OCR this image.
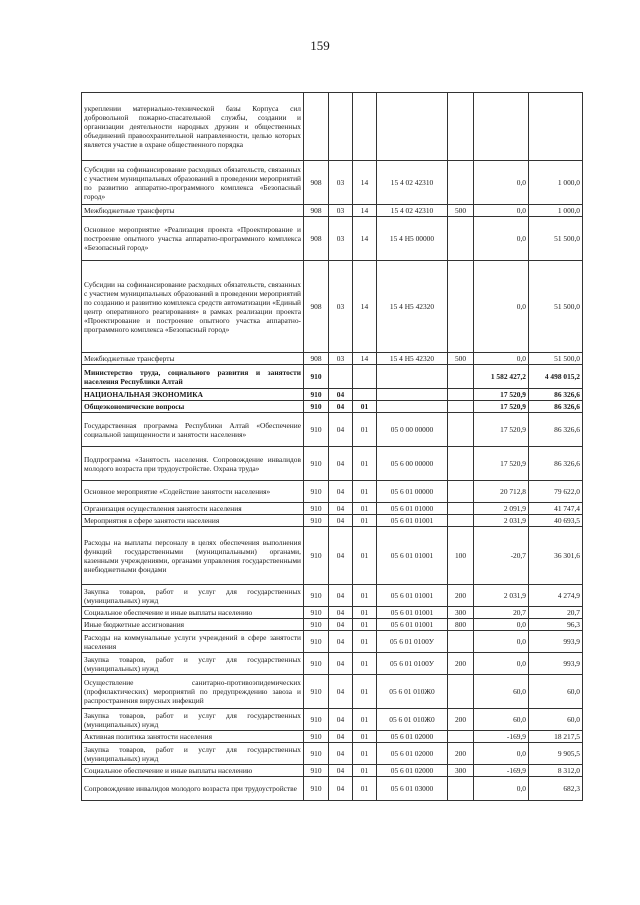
159
укреплении материально-технической базы Корпуса сил добровольной пожарно-спасательной службы, создании и организации деятельности народных дружин и общественных объединений правоохранительной направленности, целью которых является участие в охране общественного порядка							
Субсидии на софинансирование расходных обязательств, связанных с участием муниципальных образований в проведении мероприятий по развитию аппаратно-программного комплекса «Безопасный город»	908	03	14	15 4 02 42310		0,0	1 000,0
Межбюджетные трансферты	908	03	14	15 4 02 42310	500	0,0	1 000,0
Основное мероприятие «Реализация проекта «Проектирование и построение опытного участка аппаратно-программного комплекса «Безопасный город»	908	03	14	15 4 Н5 00000		0,0	51 500,0
Субсидии на софинансирование расходных обязательств, связанных с участием муниципальных образований в проведении мероприятий по созданию и развитию комплекса средств автоматизации «Единый центр оперативного реагирования» в рамках реализации проекта «Проектирование и построение опытного участка аппаратно-программного комплекса «Безопасный город»	908	03	14	15 4 Н5 42320		0,0	51 500,0
Межбюджетные трансферты	908	03	14	15 4 Н5 42320	500	0,0	51 500,0
Министерство труда, социального развития и занятости населения Республики Алтай	910					1 582 427,2	4 498 015,2
НАЦИОНАЛЬНАЯ ЭКОНОМИКА	910	04				17 520,9	86 326,6
Общеэкономические вопросы	910	04	01			17 520,9	86 326,6
Государственная программа Республики Алтай «Обеспечение социальной защищенности и занятости населения»	910	04	01	05 0 00 00000		17 520,9	86 326,6
Подпрограмма «Занятость населения. Сопровождение инвалидов молодого возраста при трудоустройстве. Охрана труда»	910	04	01	05 6 00 00000		17 520,9	86 326,6
Основное мероприятие «Содействие занятости населения»	910	04	01	05 6 01 00000		20 712,8	79 622,0
Организация осуществления занятости населения	910	04	01	05 6 01 01000		2 091,9	41 747,4
Мероприятия в сфере занятости населения	910	04	01	05 6 01 01001		2 031,9	40 693,5
Расходы на выплаты персоналу в целях обеспечения выполнения функций государственными (муниципальными) органами, казенными учреждениями, органами управления государственными внебюджетными фондами	910	04	01	05 6 01 01001	100	-20,7	36 301,6
Закупка товаров, работ и услуг для государственных (муниципальных) нужд	910	04	01	05 6 01 01001	200	2 031,9	4 274,9
Социальное обеспечение и иные выплаты населению	910	04	01	05 6 01 01001	300	20,7	20,7
Иные бюджетные ассигнования	910	04	01	05 6 01 01001	800	0,0	96,3
Расходы на коммунальные услуги учреждений в сфере занятости населения	910	04	01	05 6 01 0100У		0,0	993,9
Закупка товаров, работ и услуг для государственных (муниципальных) нужд	910	04	01	05 6 01 0100У	200	0,0	993,9
Осуществление санитарно-противоэпидемических (профилактических) мероприятий по предупреждению завоза и распространения вирусных инфекций	910	04	01	05 6 01 010Ж0		60,0	60,0
Закупка товаров, работ и услуг для государственных (муниципальных) нужд	910	04	01	05 6 01 010Ж0	200	60,0	60,0
Активная политика занятости населения	910	04	01	05 6 01 02000		-169,9	18 217,5
Закупка товаров, работ и услуг для государственных (муниципальных) нужд	910	04	01	05 6 01 02000	200	0,0	9 905,5
Социальное обеспечение и иные выплаты населению	910	04	01	05 6 01 02000	300	-169,9	8 312,0
Сопровождение инвалидов молодого возраста при трудоустройстве	910	04	01	05 6 01 03000		0,0	682,3
